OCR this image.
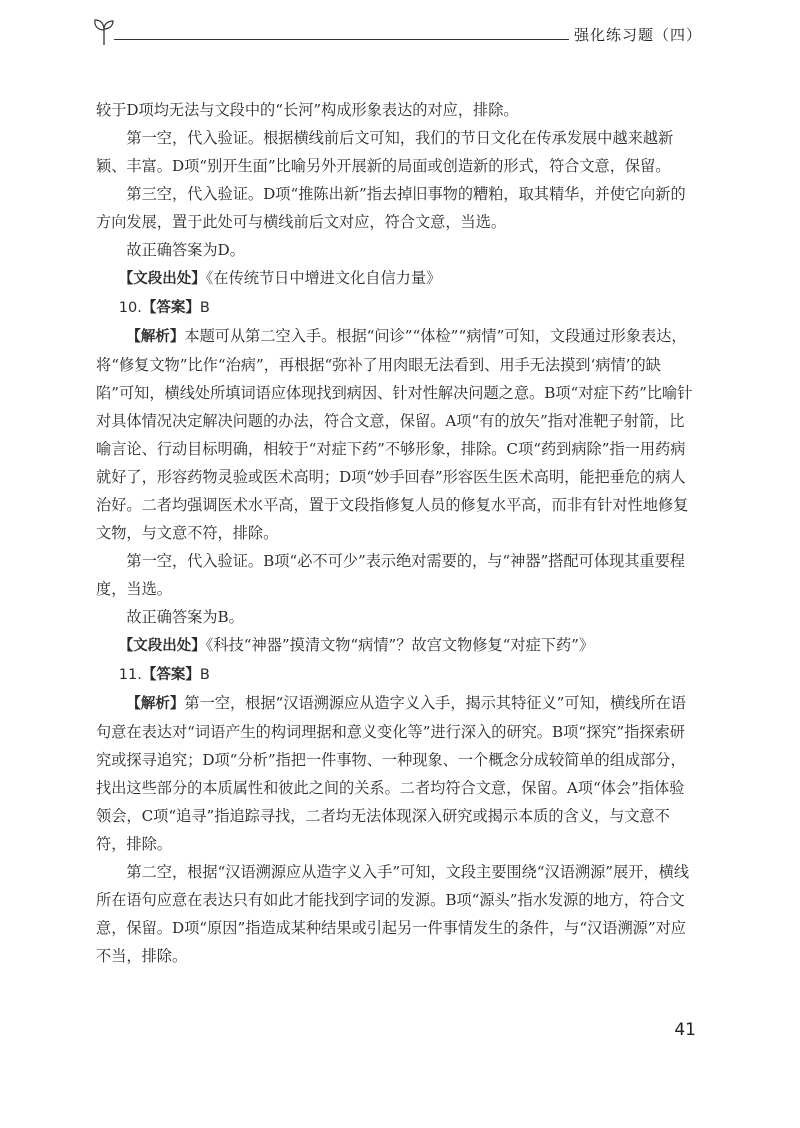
强化练习题（四）

较于D项均无法与文段中的“长河”构成形象表达的对应，排除。

第一空，代入验证。根据横线前后文可知，我们的节日文化在传承发展中越来越新颖、丰富。D项“别开生面”比喻另外开展新的局面或创造新的形式，符合文意，保留。

第三空，代入验证。D项“推陈出新”指去掉旧事物的糟粕，取其精华，并使它向新的方向发展，置于此处可与横线前后文对应，符合文意，当选。

故正确答案为D。

【文段出处】《在传统节日中增进文化自信力量》

10.【答案】B

【解析】本题可从第二空入手。根据“问诊”“体检”“病情”可知，文段通过形象表达，将“修复文物”比作“治病”，再根据“弥补了用肉眼无法看到、用手无法摸到‘病情’的缺陷”可知，横线处所填词语应体现找到病因、针对性解决问题之意。B项“对症下药”比喻针对具体情况决定解决问题的办法，符合文意，保留。A项“有的放矢”指对准靶子射箭，比喻言论、行动目标明确，相较于“对症下药”不够形象，排除。C项“药到病除”指一用药病就好了，形容药物灵验或医术高明；D项“妙手回春”形容医生医术高明，能把垂危的病人治好。二者均强调医术水平高，置于文段指修复人员的修复水平高，而非有针对性地修复文物，与文意不符，排除。

第一空，代入验证。B项“必不可少”表示绝对需要的，与“神器”搭配可体现其重要程度，当选。

故正确答案为B。

【文段出处】《科技“神器”摸清文物“病情”？故宫文物修复“对症下药”》

11.【答案】B

【解析】第一空，根据“汉语溯源应从造字义入手，揭示其特征义”可知，横线所在语句意在表达对“词语产生的构词理据和意义变化等”进行深入的研究。B项“探究”指探索研究或探寻追究；D项“分析”指把一件事物、一种现象、一个概念分成较简单的组成部分，找出这些部分的本质属性和彼此之间的关系。二者均符合文意，保留。A项“体会”指体验领会，C项“追寻”指追踪寻找，二者均无法体现深入研究或揭示本质的含义，与文意不符，排除。

第二空，根据“汉语溯源应从造字义入手”可知，文段主要围绕“汉语溯源”展开，横线所在语句应意在表达只有如此才能找到字词的发源。B项“源头”指水发源的地方，符合文意，保留。D项“原因”指造成某种结果或引起另一件事情发生的条件，与“汉语溯源”对应不当，排除。

41
